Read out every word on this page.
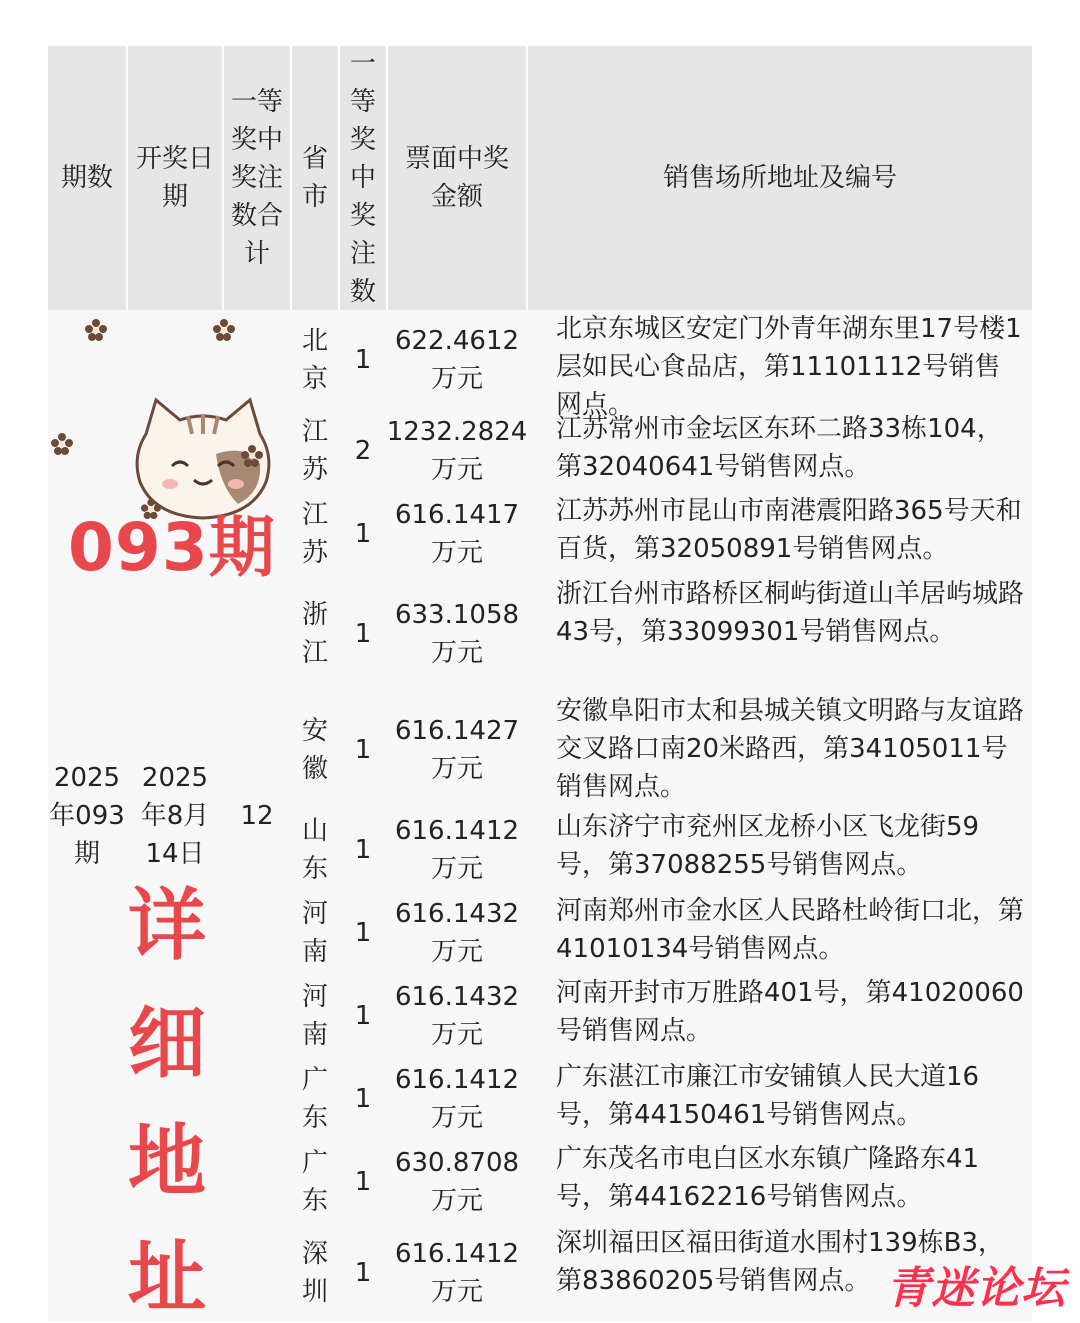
期数
开奖日期
一等奖中奖注数合计
省市
一等奖中奖注数
票面中奖金额
销售场所地址及编号
2025年093期
2025年8月14日
12
北京
1
622.4612
万元
北京东城区安定门外青年湖东里17号楼1层如民心食品店，第11101112号销售网点。
江苏
2
1232.2824
万元
江苏常州市金坛区东环二路33栋104，第32040641号销售网点。
江苏
1
616.1417
万元
江苏苏州市昆山市南港震阳路365号天和百货，第32050891号销售网点。
浙江
1
633.1058
万元
浙江台州市路桥区桐屿街道山羊居屿城路43号，第33099301号销售网点。
安徽
1
616.1427
万元
安徽阜阳市太和县城关镇文明路与友谊路交叉路口南20米路西，第34105011号销售网点。
山东
1
616.1412
万元
山东济宁市兖州区龙桥小区飞龙街59号，第37088255号销售网点。
河南
1
616.1432
万元
河南郑州市金水区人民路杜岭街口北，第41010134号销售网点。
河南
1
616.1432
万元
河南开封市万胜路401号，第41020060号销售网点。
广东
1
616.1412
万元
广东湛江市廉江市安铺镇人民大道16号，第44150461号销售网点。
广东
1
630.8708
万元
广东茂名市电白区水东镇广隆路东41号，第44162216号销售网点。
深圳
1
616.1412
万元
深圳福田区福田街道水围村139栋B3，第83860205号销售网点。
093期
详
细
地
址	青迷论坛
